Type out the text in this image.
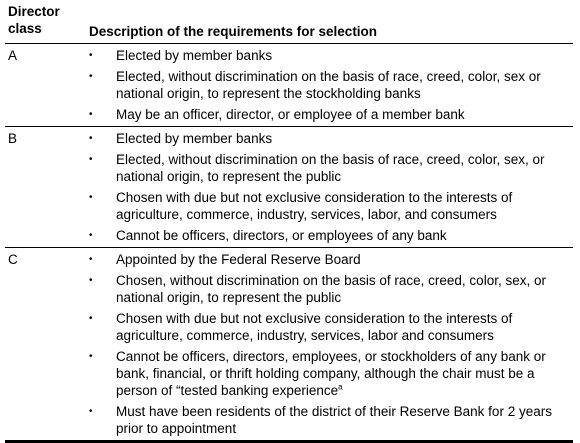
Director
class	Description of the requirements for selection
A	•	Elected by member banks
•	Elected, without discrimination on the basis of race, creed, color, sex or national origin, to represent the stockholding banks
•	May be an officer, director, or employee of a member bank
B	•	Elected by member banks
•	Elected, without discrimination on the basis of race, creed, color, sex, or national origin, to represent the public
•	Chosen with due but not exclusive consideration to the interests of agriculture, commerce, industry, services, labor, and consumers
•	Cannot be officers, directors, or employees of any bank
C	•	Appointed by the Federal Reserve Board
•	Chosen, without discrimination on the basis of race, creed, color, sex, or national origin, to represent the public
•	Chosen with due but not exclusive consideration to the interests of agriculture, commerce, industry, services, labor and consumers
•	Cannot be officers, directors, employees, or stockholders of any bank or bank, financial, or thrift holding company, although the chair must be a person of “tested banking experience$^a$
•	Must have been residents of the district of their Reserve Bank for 2 years prior to appointment
